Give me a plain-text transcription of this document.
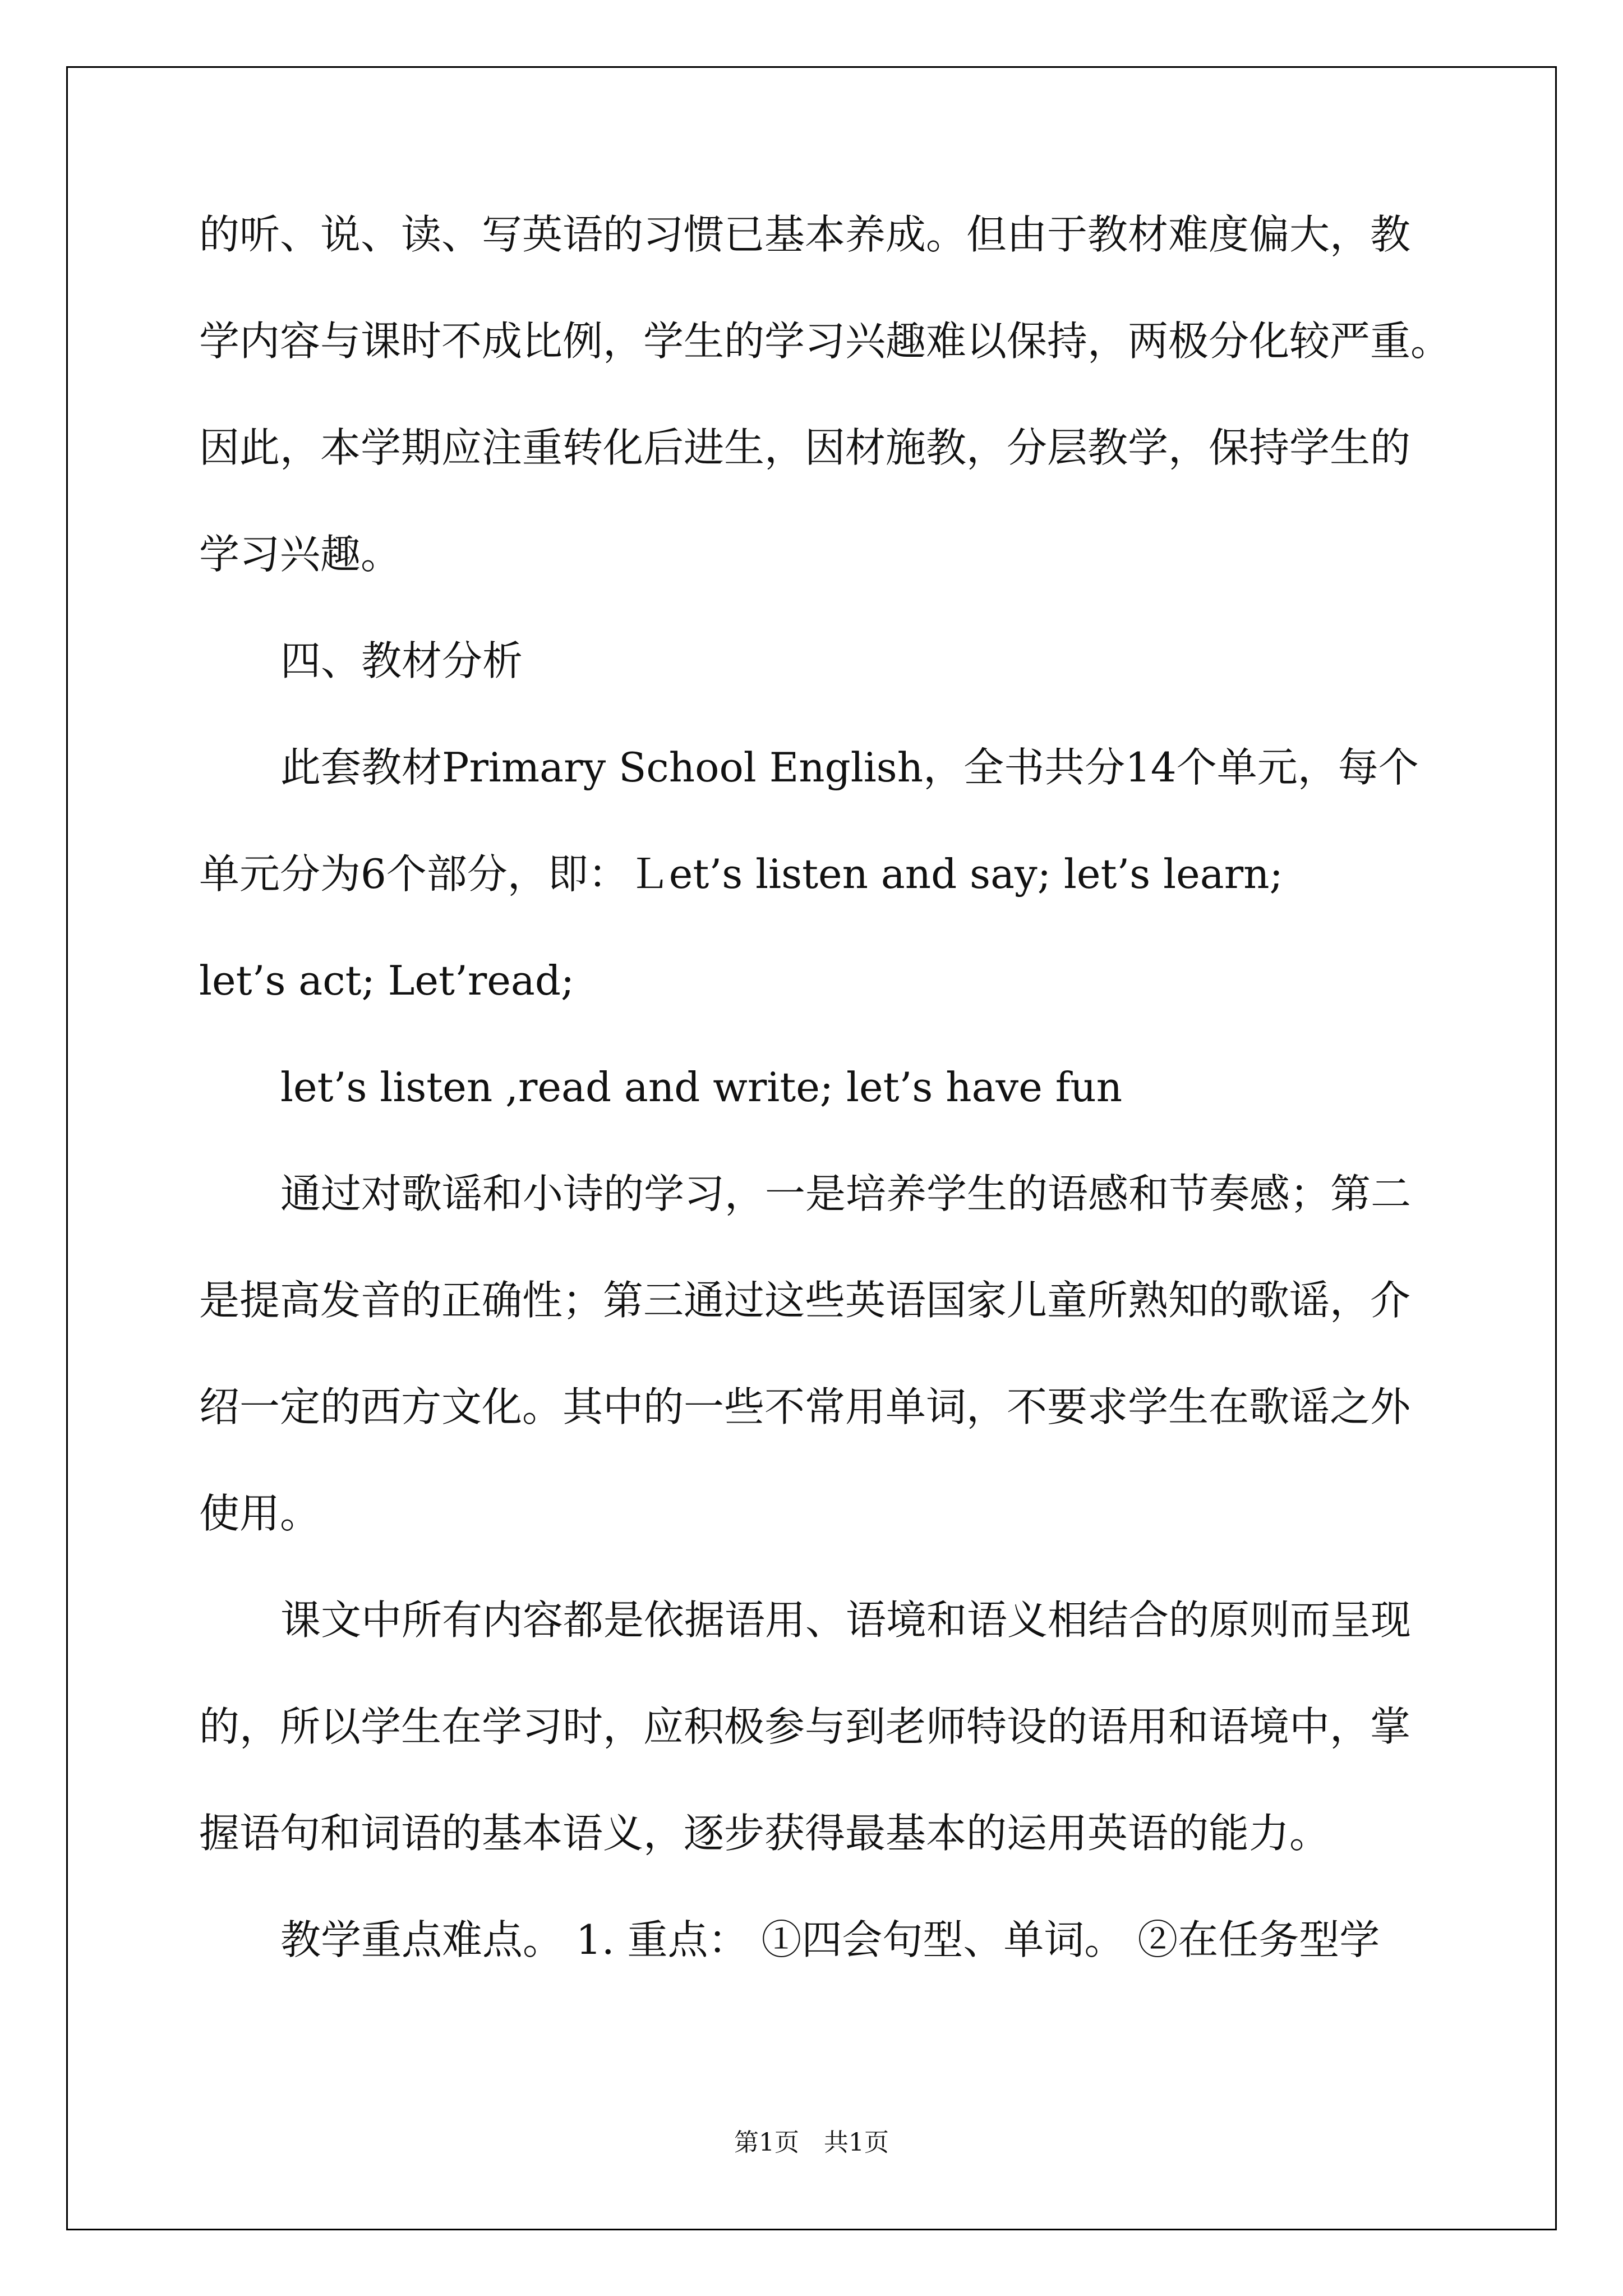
的听、说、读、写英语的习惯已基本养成。但由于教材难度偏大，教
学内容与课时不成比例，学生的学习兴趣难以保持，两极分化较严重。
因此，本学期应注重转化后进生，因材施教，分层教学，保持学生的
学习兴趣。
四、教材分析
此套教材Primary School English，全书共分14个单元，每个
单元分为6个部分，即：Ｌet’s listen and say; let’s learn;
let’s act; Let’read;
let’s listen ,read and write; let’s have fun
通过对歌谣和小诗的学习，一是培养学生的语感和节奏感；第二
是提高发音的正确性；第三通过这些英语国家儿童所熟知的歌谣，介
绍一定的西方文化。其中的一些不常用单词，不要求学生在歌谣之外
使用。
课文中所有内容都是依据语用、语境和语义相结合的原则而呈现
的，所以学生在学习时，应积极参与到老师特设的语用和语境中，掌
握语句和词语的基本语义，逐步获得最基本的运用英语的能力。
教学重点难点。 1. 重点： ①四会句型、单词。 ②在任务型学
第1页　共1页
